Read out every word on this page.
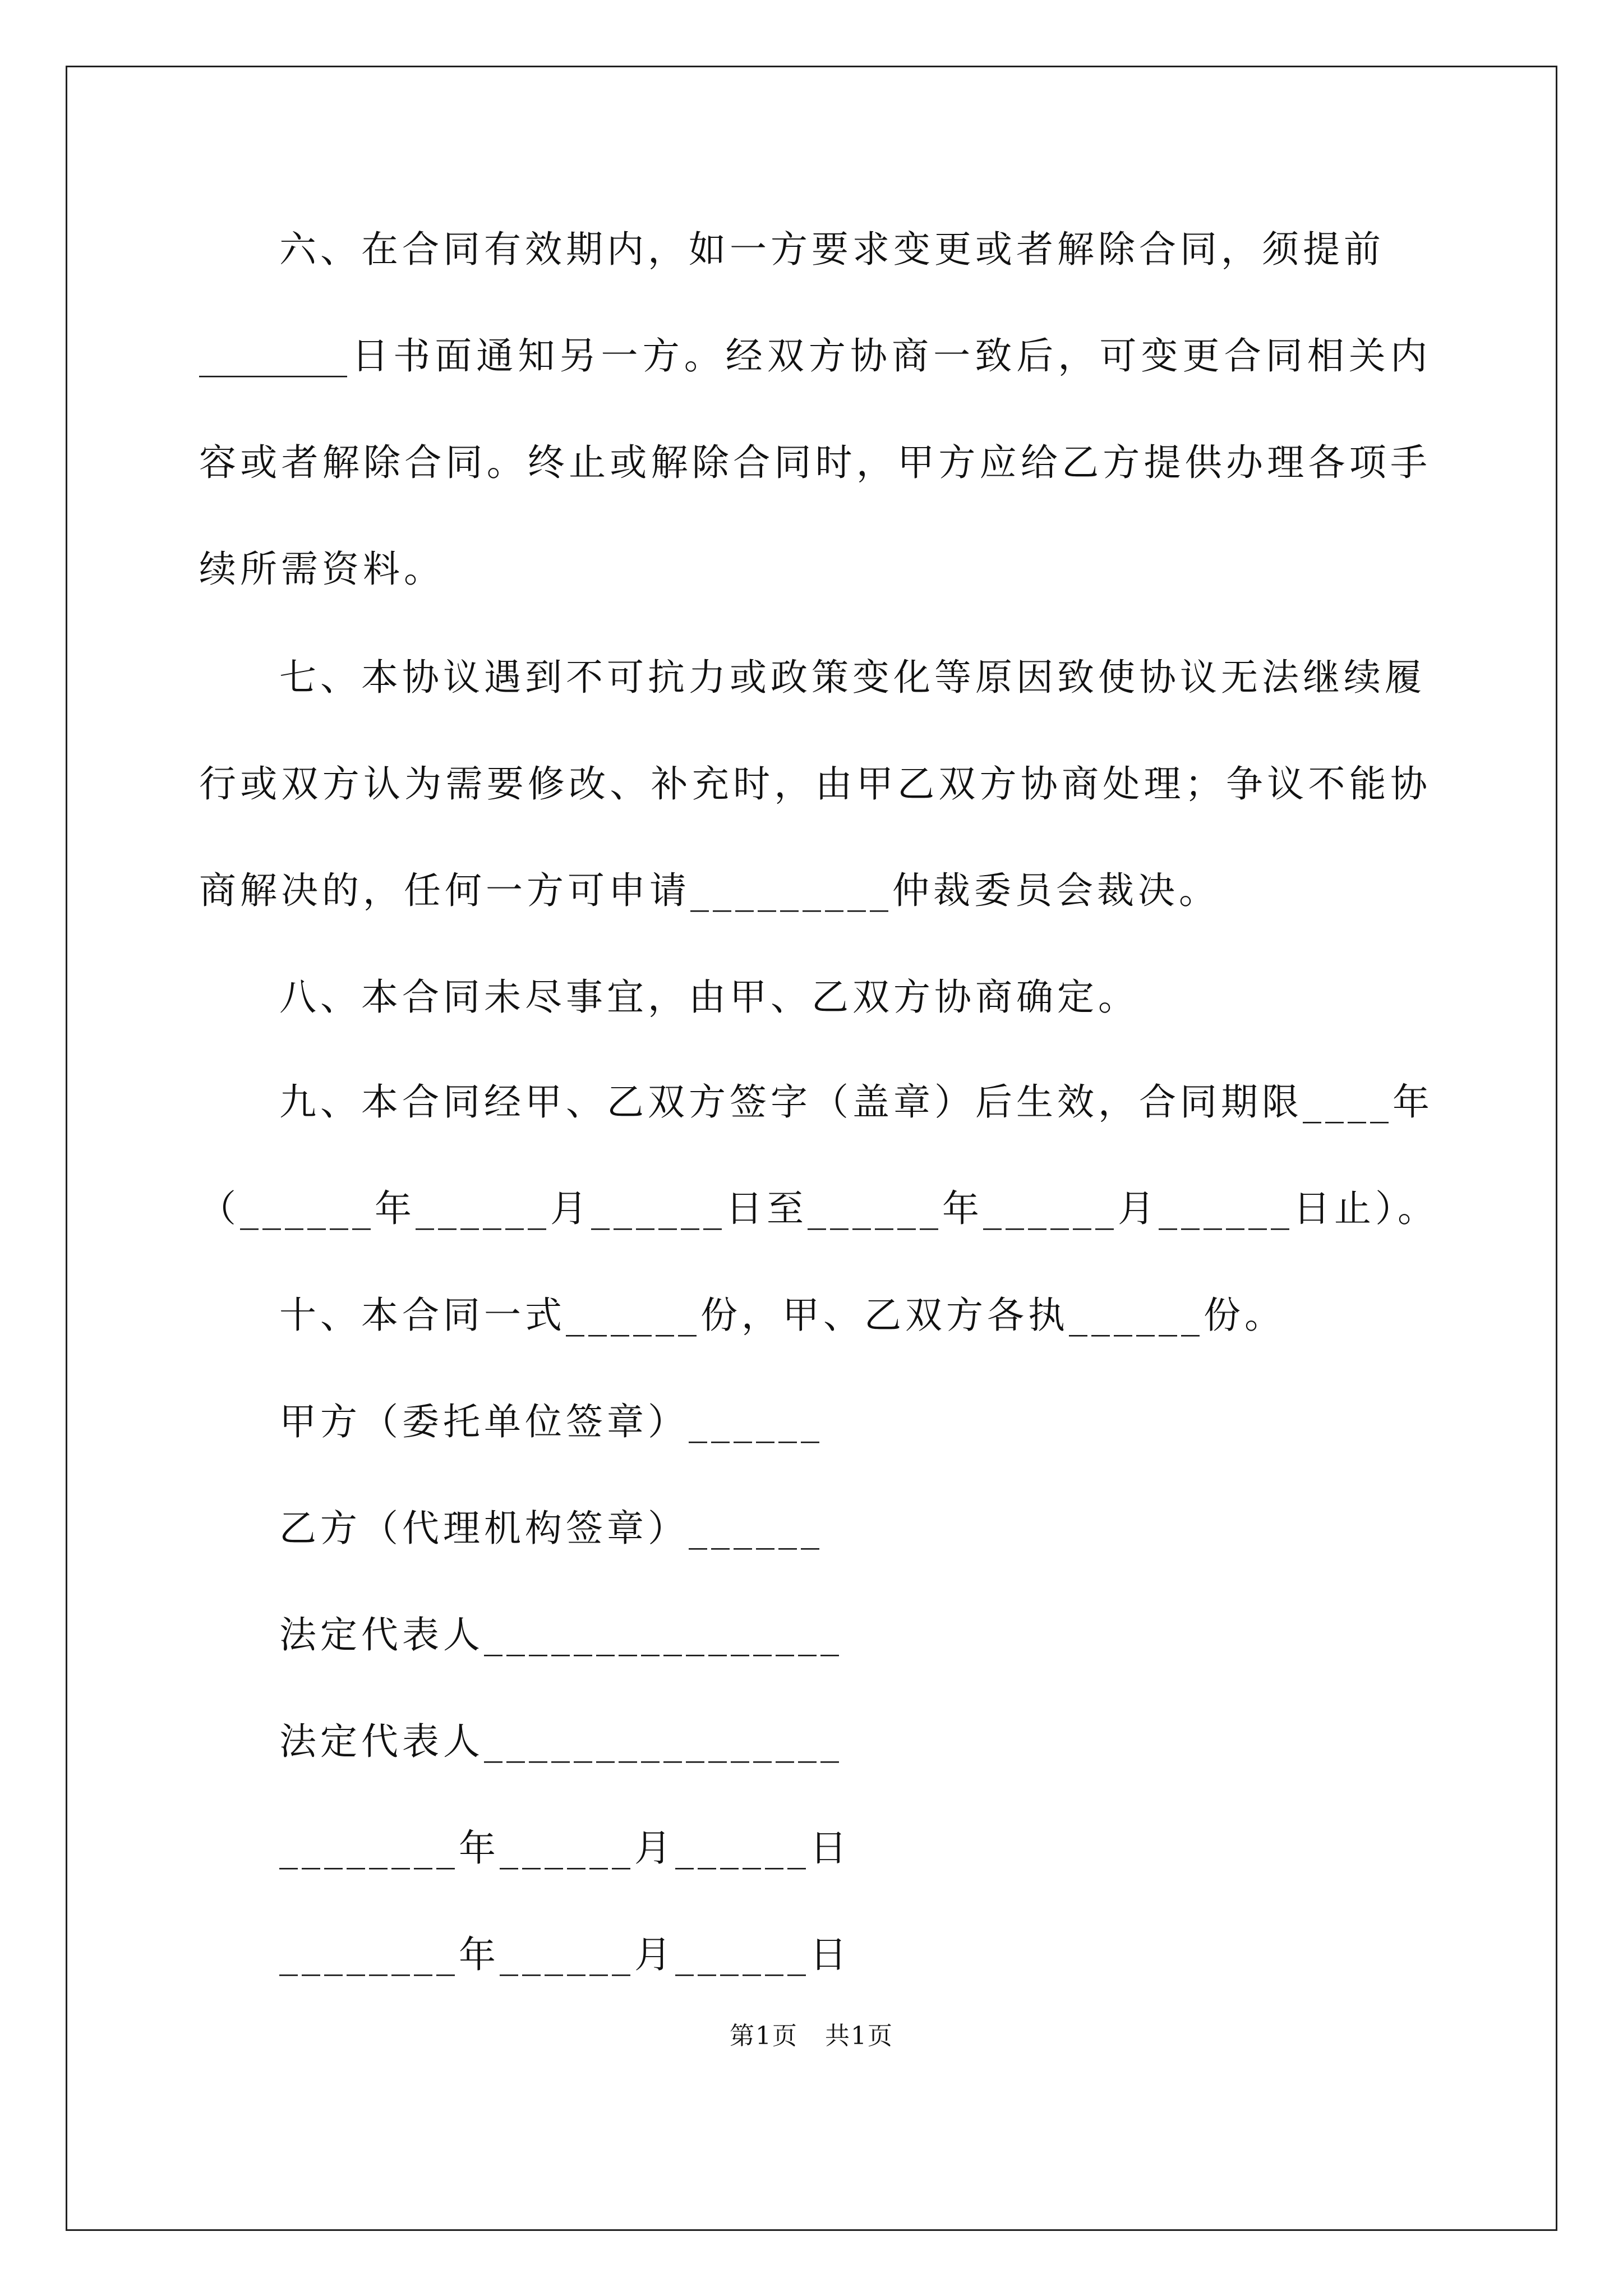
六、在合同有效期内，如一方要求变更或者解除合同，须提前
________日书面通知另一方。经双方协商一致后，可变更合同相关内
容或者解除合同。终止或解除合同时，甲方应给乙方提供办理各项手
续所需资料。
七、本协议遇到不可抗力或政策变化等原因致使协议无法继续履
行或双方认为需要修改、补充时，由甲乙双方协商处理；争议不能协
商解决的，任何一方可申请_________仲裁委员会裁决。
八、本合同未尽事宜，由甲、乙双方协商确定。
九、本合同经甲、乙双方签字（盖章）后生效，合同期限____年
（______年______月______日至______年______月______日止）。
十、本合同一式______份，甲、乙双方各执______份。
甲方（委托单位签章）______
乙方（代理机构签章）______
法定代表人________________
法定代表人________________
________年______月______日
________年______月______日
第1页   共1页
